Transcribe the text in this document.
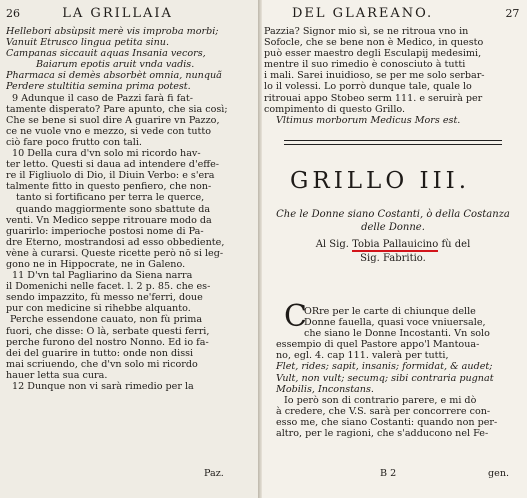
26	LA GRILLAIA
Hellebori absùpsit merè vis improba morbi;
Vanuit Etrusco lingua petita sinu.
Campanas siccauit aquas Insania vecors,
Baiarum epotis aruit vnda vadis.
Pharmaca si demès absorbèt omnia, nunquã
Perdere stultitia semina prima potest.
9 Adunque il caso de Pazzi farà fi fat-
tamente disperato? Pare apunto, che sia così;
Che se bene si suol dire A guarire vn Pazzo,
ce ne vuole vno e mezzo, si vede con tutto
ciò fare poco frutto con tali.
10 Della cura d'vn solo mi ricordo hav-
ter letto. Questi si daua ad intendere d'effe-
re il Figliuolo di Dio, il Diuin Verbo: e s'era
talmente fitto in questo penfiero, che non-
tanto si fortificano per terra le querce,
quando maggiormente sono sbattute da
venti. Vn Medico seppe ritrouare modo da
guarirlo: imperioche postosi nome di Pa-
dre Eterno, mostrandosi ad esso obbediente,
vène à curarsi. Queste ricette però nō si leg-
gono ne in Hippocrate, ne in Galeno.
11 D'vn tal Pagliarino da Siena narra
il Domenichi nelle facet. l. 2 p. 85. che es-
sendo impazzito, fù messo ne'ferri, doue
pur con medicine si rihebbe alquanto.
Perche essendone cauato, non fù prima
fuori, che disse: O là, serbate questi ferri,
perche furono del nostro Nonno. Ed io fa-
dei del guarire in tutto: onde non dissi
mai scriuendo, che d'vn solo mi ricordo
hauer letta sua cura.
12 Dunque non vi sarà rimedio per la
Paz.
DEL GLAREANO.	27
Pazzia? Signor mio sì, se ne ritroua vno in
Sofocle, che se bene non è Medico, in questo
può esser maestro degli Esculapij medesimi,
mentre il suo rimedio è conosciuto à tutti
i mali. Sarei inuidioso, se per me solo serbar-
lo il volessi. Lo porrò dunque tale, quale lo
ritrouai appo Stobeo serm 111. e seruirà per
compimento di questo Grillo.
Vltimus morborum Medicus Mors est.
GRILLO III.
Che le Donne siano Costanti, ò della Costanza
delle Donne.
Al Sig. Tobia Pallauicino fù del
Sig. Fabritio.
C
ORre per le carte di chiunque delle
Donne fauella, quasi voce vniuersale,
che siano le Donne Incostanti. Vn solo
essempio di quel Pastore appo'l Mantoua-
no, egl. 4. cap 111. valerà per tutti,
Flet, rides; sapit, insanis; formidat, & audet;
Vult, non vult; secumq; sibi contraria pugnat
Mobilis, Inconstans.
Io però son di contrario parere, e mi dò
à credere, che V.S. sarà per concorrere con-
esso me, che siano Costanti: quando non per-
altro, per le ragioni, che s'adducono nel Fe-
B 2	gen.
